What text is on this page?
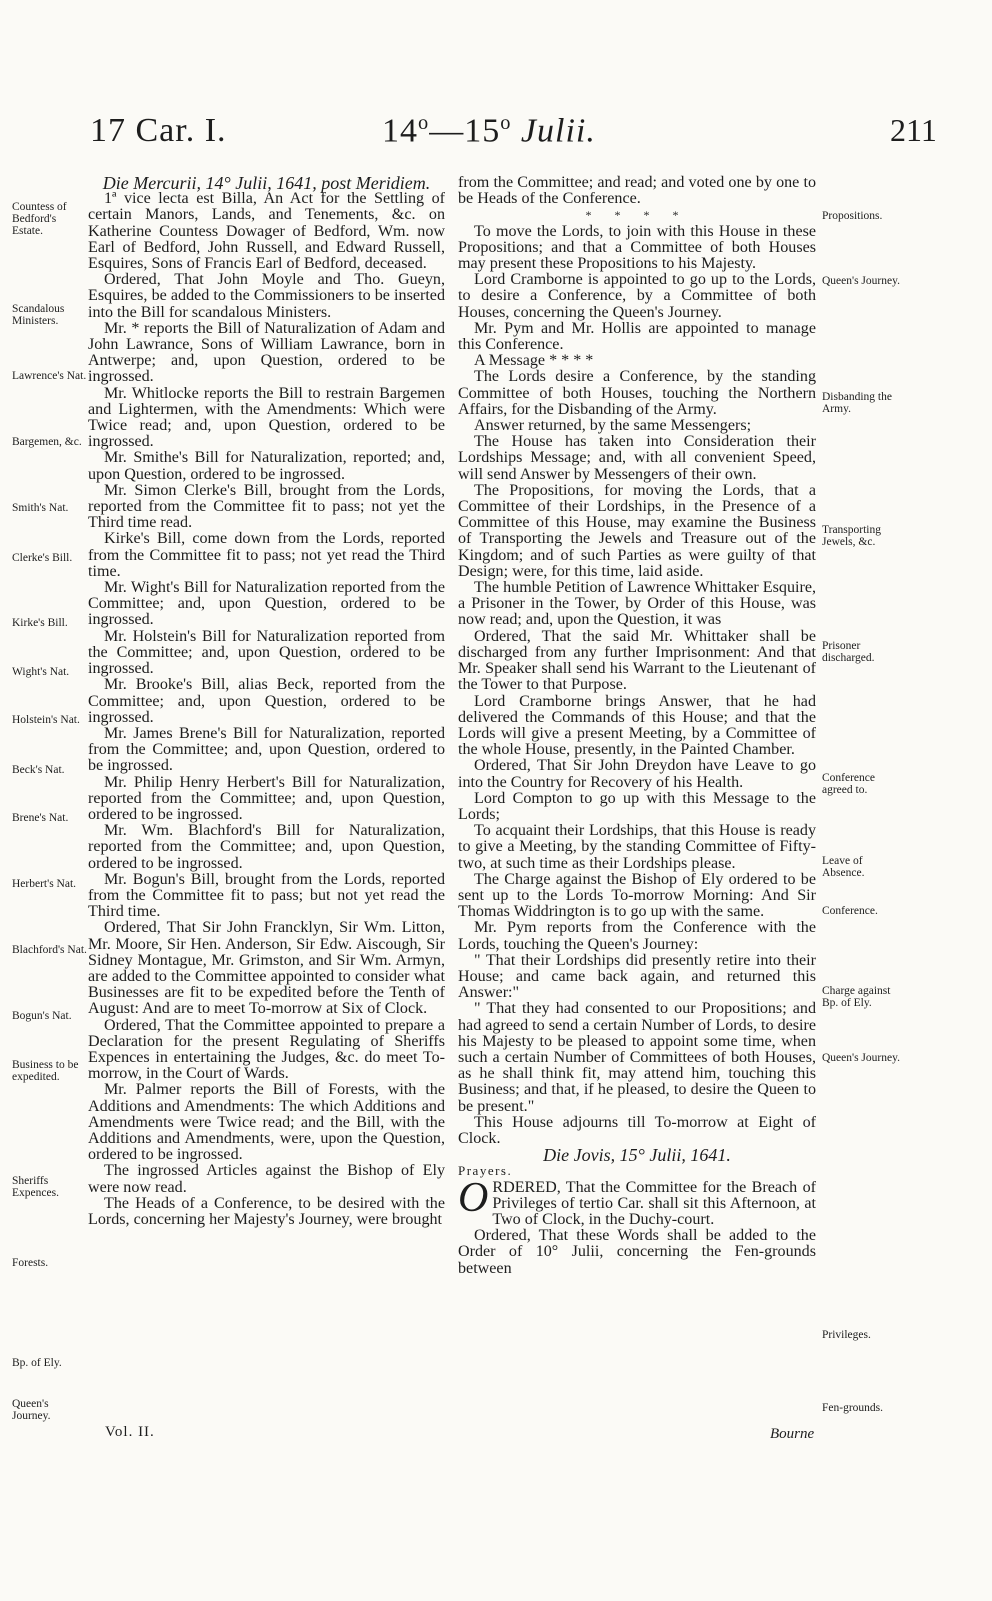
17 Car. I.	14$^o$—15$^o$ Julii.	211
Countess of Bedford's Estate.
Scandalous Ministers.
Lawrence's Nat.
Bargemen, &c.
Smith's Nat.
Clerke's Bill.
Kirke's Bill.
Wight's Nat.
Holstein's Nat.
Beck's Nat.
Brene's Nat.
Herbert's Nat.
Blachford's Nat.
Bogun's Nat.
Business to be expedited.
Sheriffs Expences.
Forests.
Bp. of Ely.
Queen's Journey.

Die Mercurii, 14° Julii, 1641, post Meridiem.

1ª vice lecta est Billa, An Act for the Settling of certain Manors, Lands, and Tenements, &c. on Katherine Countess Dowager of Bedford, Wm. now Earl of Bedford, John Russell, and Edward Russell, Esquires, Sons of Francis Earl of Bedford, deceased.

Ordered, That John Moyle and Tho. Gueyn, Esquires, be added to the Commissioners to be inserted into the Bill for scandalous Ministers.

Mr. * reports the Bill of Naturalization of Adam and John Lawrance, Sons of William Lawrance, born in Antwerpe; and, upon Question, ordered to be ingrossed.

Mr. Whitlocke reports the Bill to restrain Bargemen and Lightermen, with the Amendments: Which were Twice read; and, upon Question, ordered to be ingrossed.

Mr. Smithe's Bill for Naturalization, reported; and, upon Question, ordered to be ingrossed.

Mr. Simon Clerke's Bill, brought from the Lords, reported from the Committee fit to pass; not yet the Third time read.

Kirke's Bill, come down from the Lords, reported from the Committee fit to pass; not yet read the Third time.

Mr. Wight's Bill for Naturalization reported from the Committee; and, upon Question, ordered to be ingrossed.

Mr. Holstein's Bill for Naturalization reported from the Committee; and, upon Question, ordered to be ingrossed.

Mr. Brooke's Bill, alias Beck, reported from the Committee; and, upon Question, ordered to be ingrossed.

Mr. James Brene's Bill for Naturalization, reported from the Committee; and, upon Question, ordered to be ingrossed.

Mr. Philip Henry Herbert's Bill for Naturalization, reported from the Committee; and, upon Question, ordered to be ingrossed.

Mr. Wm. Blachford's Bill for Naturalization, reported from the Committee; and, upon Question, ordered to be ingrossed.

Mr. Bogun's Bill, brought from the Lords, reported from the Committee fit to pass; but not yet read the Third time.

Ordered, That Sir John Francklyn, Sir Wm. Litton, Mr. Moore, Sir Hen. Anderson, Sir Edw. Aiscough, Sir Sidney Montague, Mr. Grimston, and Sir Wm. Armyn, are added to the Committee appointed to consider what Businesses are fit to be expedited before the Tenth of August: And are to meet To-morrow at Six of Clock.

Ordered, That the Committee appointed to prepare a Declaration for the present Regulating of Sheriffs Expences in entertaining the Judges, &c. do meet To-morrow, in the Court of Wards.

Mr. Palmer reports the Bill of Forests, with the Additions and Amendments: The which Additions and Amendments were Twice read; and the Bill, with the Additions and Amendments, were, upon the Question, ordered to be ingrossed.

The ingrossed Articles against the Bishop of Ely were now read.

The Heads of a Conference, to be desired with the Lords, concerning her Majesty's Journey, were brought

Propositions.
Queen's Journey.
Disbanding the Army.
Transporting Jewels, &c.
Prisoner discharged.
Conference agreed to.
Leave of Absence.
Conference.
Charge against Bp. of Ely.
Queen's Journey.
Privileges.
Fen-grounds.

from the Committee; and read; and voted one by one to be Heads of the Conference.

* * * *

To move the Lords, to join with this House in these Propositions; and that a Committee of both Houses may present these Propositions to his Majesty.

Lord Cramborne is appointed to go up to the Lords, to desire a Conference, by a Committee of both Houses, concerning the Queen's Journey.

Mr. Pym and Mr. Hollis are appointed to manage this Conference.

A Message * * * *

The Lords desire a Conference, by the standing Committee of both Houses, touching the Northern Affairs, for the Disbanding of the Army.

Answer returned, by the same Messengers;

The House has taken into Consideration their Lordships Message; and, with all convenient Speed, will send Answer by Messengers of their own.

The Propositions, for moving the Lords, that a Committee of their Lordships, in the Presence of a Committee of this House, may examine the Business of Transporting the Jewels and Treasure out of the Kingdom; and of such Parties as were guilty of that Design; were, for this time, laid aside.

The humble Petition of Lawrence Whittaker Esquire, a Prisoner in the Tower, by Order of this House, was now read; and, upon the Question, it was

Ordered, That the said Mr. Whittaker shall be discharged from any further Imprisonment: And that Mr. Speaker shall send his Warrant to the Lieutenant of the Tower to that Purpose.

Lord Cramborne brings Answer, that he had delivered the Commands of this House; and that the Lords will give a present Meeting, by a Committee of the whole House, presently, in the Painted Chamber.

Ordered, That Sir John Dreydon have Leave to go into the Country for Recovery of his Health.

Lord Compton to go up with this Message to the Lords;

To acquaint their Lordships, that this House is ready to give a Meeting, by the standing Committee of Fifty-two, at such time as their Lordships please.

The Charge against the Bishop of Ely ordered to be sent up to the Lords To-morrow Morning: And Sir Thomas Widdrington is to go up with the same.

Mr. Pym reports from the Conference with the Lords, touching the Queen's Journey:

" That their Lordships did presently retire into their House; and came back again, and returned this Answer:"

" That they had consented to our Propositions; and had agreed to send a certain Number of Lords, to desire his Majesty to be pleased to appoint some time, when such a certain Number of Committees of both Houses, as he shall think fit, may attend him, touching this Business; and that, if he pleased, to desire the Queen to be present."

This House adjourns till To-morrow at Eight of Clock.

Die Jovis, 15° Julii, 1641.

Prayers.

ORDERED, That the Committee for the Breach of Privileges of tertio Car. shall sit this Afternoon, at Two of Clock, in the Duchy-court.

Ordered, That these Words shall be added to the Order of 10° Julii, concerning the Fen-grounds between

Vol. II.	Bourne
